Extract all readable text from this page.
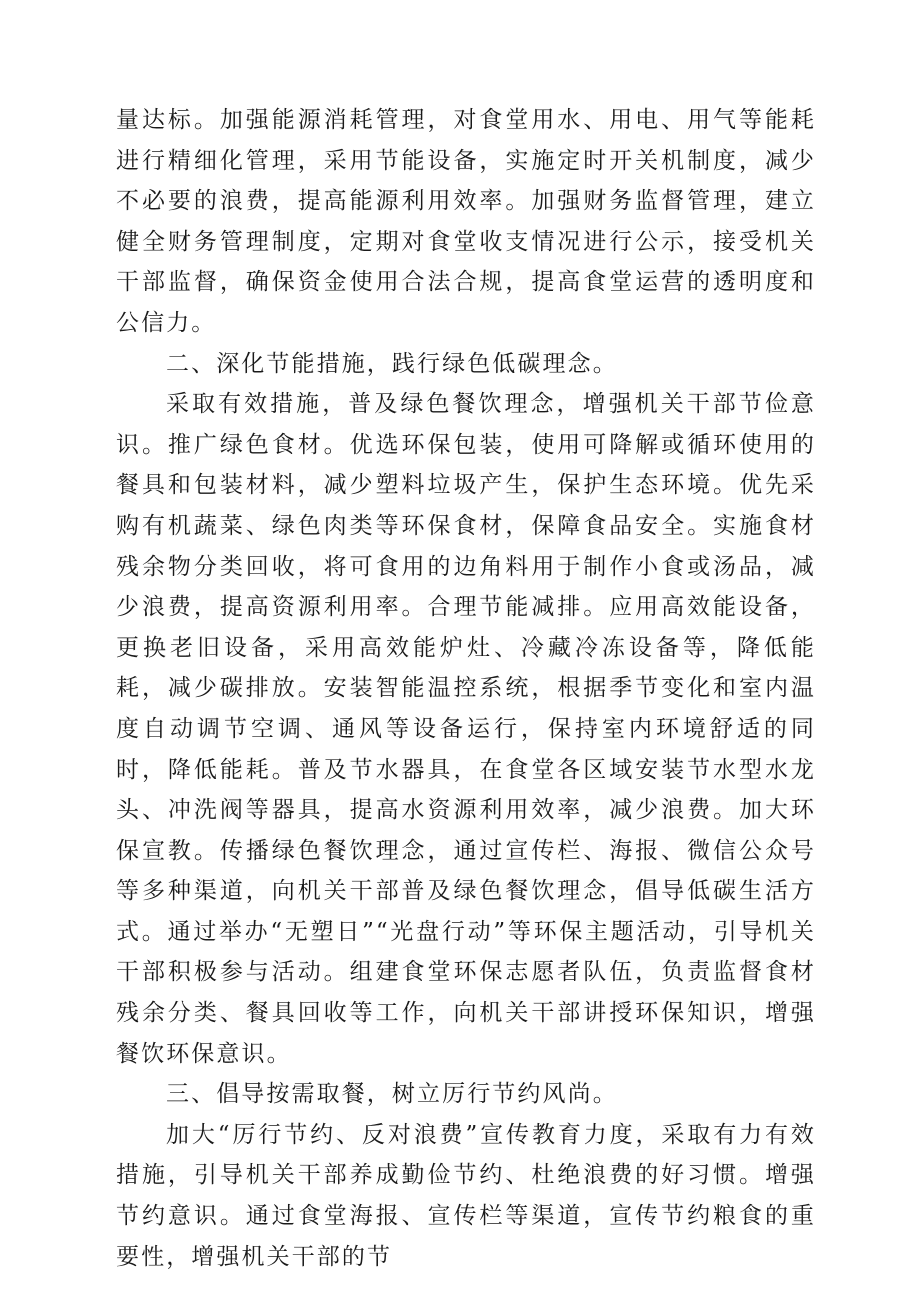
量达标。加强能源消耗管理，对食堂用水、用电、用气等能耗进行精细化管理，采用节能设备，实施定时开关机制度，减少不必要的浪费，提高能源利用效率。加强财务监督管理，建立健全财务管理制度，定期对食堂收支情况进行公示，接受机关干部监督，确保资金使用合法合规，提高食堂运营的透明度和公信力。

二、深化节能措施，践行绿色低碳理念。

采取有效措施，普及绿色餐饮理念，增强机关干部节俭意识。推广绿色食材。优选环保包装，使用可降解或循环使用的餐具和包装材料，减少塑料垃圾产生，保护生态环境。优先采购有机蔬菜、绿色肉类等环保食材，保障食品安全。实施食材残余物分类回收，将可食用的边角料用于制作小食或汤品，减少浪费，提高资源利用率。合理节能减排。应用高效能设备，更换老旧设备，采用高效能炉灶、冷藏冷冻设备等，降低能耗，减少碳排放。安装智能温控系统，根据季节变化和室内温度自动调节空调、通风等设备运行，保持室内环境舒适的同时，降低能耗。普及节水器具，在食堂各区域安装节水型水龙头、冲洗阀等器具，提高水资源利用效率，减少浪费。加大环保宣教。传播绿色餐饮理念，通过宣传栏、海报、微信公众号等多种渠道，向机关干部普及绿色餐饮理念，倡导低碳生活方式。通过举办“无塑日”“光盘行动”等环保主题活动，引导机关干部积极参与活动。组建食堂环保志愿者队伍，负责监督食材残余分类、餐具回收等工作，向机关干部讲授环保知识，增强餐饮环保意识。

三、倡导按需取餐，树立厉行节约风尚。

加大“厉行节约、反对浪费”宣传教育力度，采取有力有效措施，引导机关干部养成勤俭节约、杜绝浪费的好习惯。增强节约意识。通过食堂海报、宣传栏等渠道，宣传节约粮食的重要性，增强机关干部的节
